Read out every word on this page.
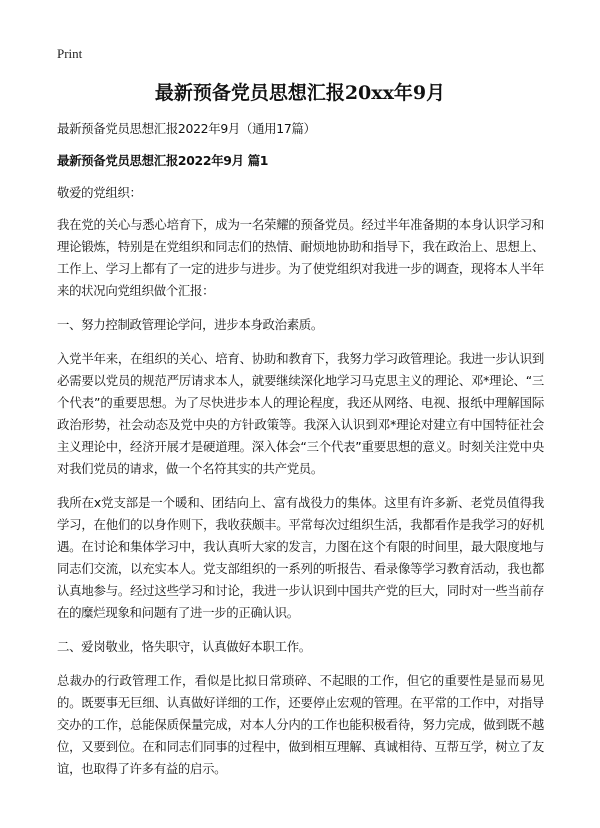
Print
最新预备党员思想汇报20xx年9月

最新预备党员思想汇报2022年9月（通用17篇）

最新预备党员思想汇报2022年9月 篇1

敬爱的党组织：

我在党的关心与悉心培育下，成为一名荣耀的预备党员。经过半年准备期的本身认识学习和理论锻炼，特别是在党组织和同志们的热情、耐烦地协助和指导下，我在政治上、思想上、工作上、学习上都有了一定的进步与进步。为了使党组织对我进一步的调查，现将本人半年来的状况向党组织做个汇报：

一、努力控制政管理论学问，进步本身政治素质。

入党半年来，在组织的关心、培育、协助和教育下，我努力学习政管理论。我进一步认识到必需要以党员的规范严厉请求本人，就要继续深化地学习马克思主义的理论、邓*理论、“三个代表”的重要思想。为了尽快进步本人的理论程度，我还从网络、电视、报纸中理解国际政治形势，社会动态及党中央的方针政策等。我深入认识到邓*理论对建立有中国特征社会主义理论中，经济开展才是硬道理。深入体会“三个代表”重要思想的意义。时刻关注党中央对我们党员的请求，做一个名符其实的共产党员。

我所在x党支部是一个暖和、团结向上、富有战役力的集体。这里有许多新、老党员值得我学习，在他们的以身作则下，我收获颇丰。平常每次过组织生活，我都看作是我学习的好机遇。在讨论和集体学习中，我认真听大家的发言，力图在这个有限的时间里，最大限度地与同志们交流，以充实本人。党支部组织的一系列的听报告、看录像等学习教育活动，我也都认真地参与。经过这些学习和讨论，我进一步认识到中国共产党的巨大，同时对一些当前存在的糜烂现象和问题有了进一步的正确认识。

二、爱岗敬业，恪失职守，认真做好本职工作。

总裁办的行政管理工作，看似是比拟日常琐碎、不起眼的工作，但它的重要性是显而易见的。既要事无巨细、认真做好详细的工作，还要停止宏观的管理。在平常的工作中，对指导交办的工作，总能保质保量完成，对本人分内的工作也能积极看待，努力完成，做到既不越位，又要到位。在和同志们同事的过程中，做到相互理解、真诚相待、互帮互学，树立了友谊，也取得了许多有益的启示。
